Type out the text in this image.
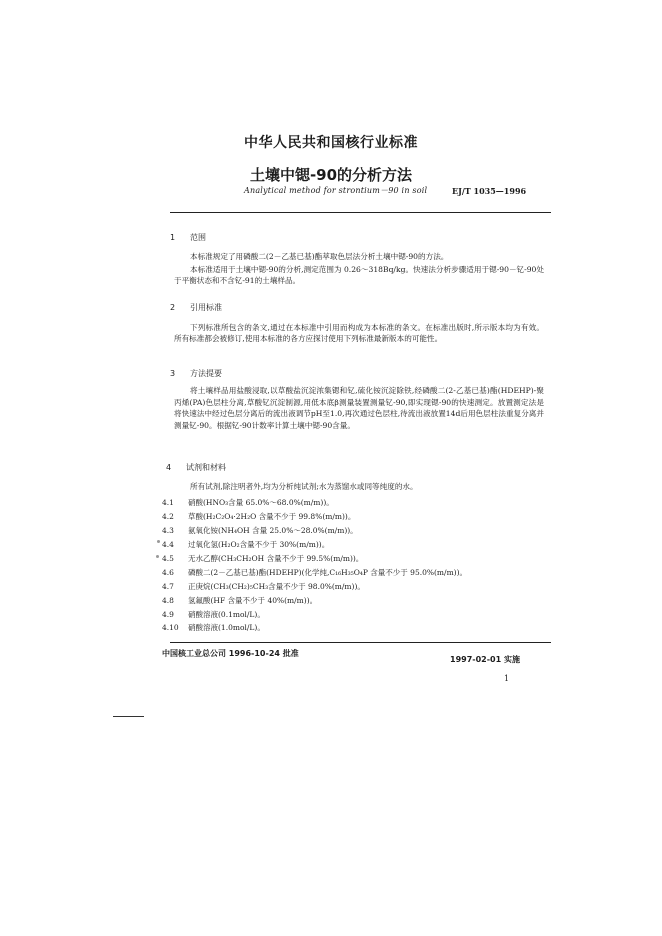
中华人民共和国核行业标准
土壤中锶-90的分析方法
Analytical method for strontium－90 in soil	EJ/T 1035—1996
1 范围
本标准规定了用磷酸二(2－乙基已基)酯萃取色层法分析土壤中锶-90的方法。
本标准适用于土壤中锶-90的分析,测定范围为 0.26～318Bq/kg。快速法分析步骤适用于锶-90－钇-90处于平衡状态和不含钇-91的土壤样品。
2 引用标准
下列标准所包含的条文,通过在本标准中引用而构成为本标准的条文。在标准出版时,所示版本均为有效。所有标准都会被修订,使用本标准的各方应探讨使用下列标准最新版本的可能性。
3 方法提要
将土壤样品用盐酸浸取,以草酸盐沉淀浓集锶和钇,硫化铵沉淀除铁,经磷酸二(2-乙基已基)酯(HDEHP)-聚丙烯(PA)色层柱分离,草酸钇沉淀制源,用低本底β测量装置测量钇-90,即实现锶-90的快速测定。放置测定法是将快速法中经过色层分离后的流出液调节pH至1.0,再次通过色层柱,待流出液放置14d后用色层柱法重复分离并测量钇-90。根据钇-90计数率计算土壤中锶-90含量。
4 试剂和材料
所有试剂,除注明者外,均为分析纯试剂;水为蒸馏水或同等纯度的水。
4.1 硝酸(HNO₃含量 65.0%～68.0%(m/m))。
4.2 草酸(H₂C₂O₄·2H₂O 含量不少于 99.8%(m/m))。
4.3 氨氧化铵(NH₄OH 含量 25.0%～28.0%(m/m))。
4.4 过氧化氢(H₂O₂含量不少于 30%(m/m))。
4.5 无水乙醇(CH₃CH₂OH 含量不少于 99.5%(m/m))。
4.6 磷酸二(2－乙基已基)酯(HDEHP)(化学纯,C₁₆H₃₅O₄P 含量不少于 95.0%(m/m))。
4.7 正庚烷(CH₃(CH₂)₅CH₃含量不少于 98.0%(m/m))。
4.8 氢氟酸(HF 含量不少于 40%(m/m))。
4.9 硝酸溶液(0.1mol/L)。
4.10 硝酸溶液(1.0mol/L)。
中国核工业总公司 1996-10-24 批准
1997-02-01 实施
1
